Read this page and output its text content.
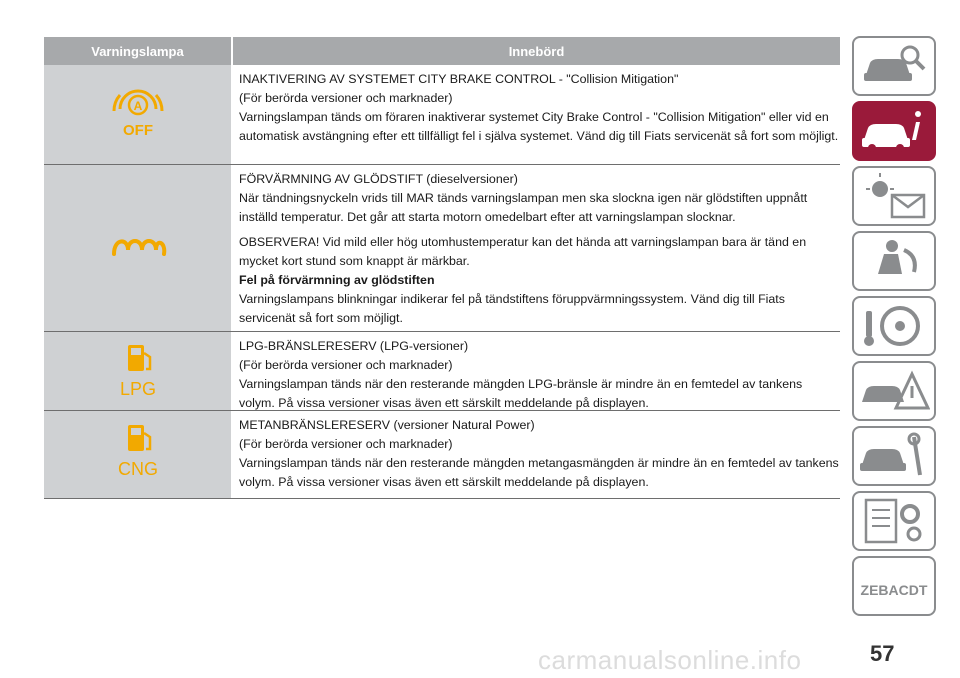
Varningslampa	Innebörd
A
OFF

INAKTIVERING AV SYSTEMET CITY BRAKE CONTROL - "Collision Mitigation"

(För berörda versioner och marknader)

Varningslampan tänds om föraren inaktiverar systemet City Brake Control - "Collision Mitigation" eller vid en automatisk avstängning efter ett tillfälligt fel i själva systemet. Vänd dig till Fiats servicenät så fort som möjligt.

FÖRVÄRMNING AV GLÖDSTIFT (dieselversioner)

När tändningsnyckeln vrids till MAR tänds varningslampan men ska slockna igen när glödstiften uppnått inställd temperatur. Det går att starta motorn omedelbart efter att varningslampan slocknar.

OBSERVERA! Vid mild eller hög utomhustemperatur kan det hända att varningslampan bara är tänd en mycket kort stund som knappt är märkbar.

Fel på förvärmning av glödstiften

Varningslampans blinkningar indikerar fel på tändstiftens föruppvärmningssystem. Vänd dig till Fiats servicenät så fort som möjligt.

LPG

LPG-BRÄNSLERESERV (LPG-versioner)

(För berörda versioner och marknader)

Varningslampan tänds när den resterande mängden LPG-bränsle är mindre än en femtedel av tankens volym. På vissa versioner visas även ett särskilt meddelande på displayen.

CNG

METANBRÄNSLERESERV (versioner Natural Power)

(För berörda versioner och marknader)

Varningslampan tänds när den resterande mängden metangasmängden är mindre än en femtedel av tankens volym. På vissa versioner visas även ett särskilt meddelande på displayen.

ZEBACDT
carmanualsonline.info	57
